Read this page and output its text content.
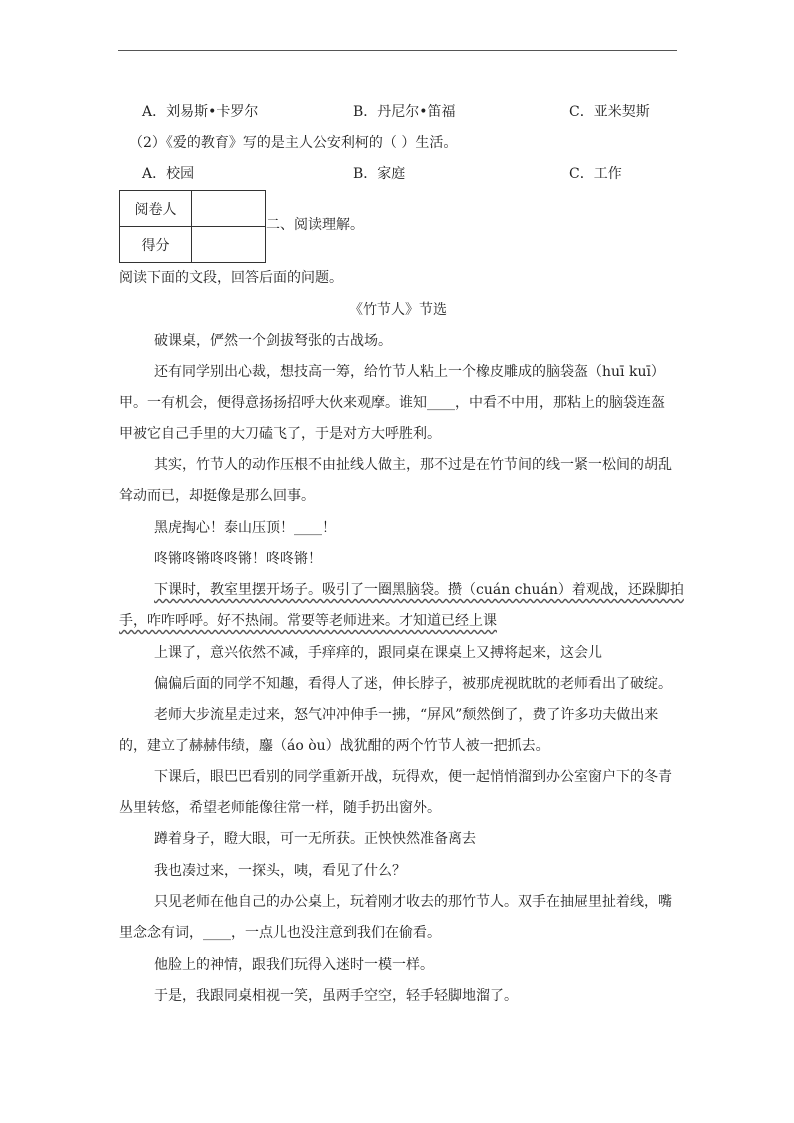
A．刘易斯•卡罗尔	B．丹尼尔•笛福	C．亚米契斯
（2）《爱的教育》写的是主人公安利柯的（ ）生活。
A．校园	B．家庭	C．工作
阅卷人	
得分	
二、阅读理解。
阅读下面的文段，回答后面的问题。
《竹节人》节选
破课桌，俨然一个剑拔弩张的古战场。
还有同学别出心裁，想技高一筹，给竹节人粘上一个橡皮雕成的脑袋盔（huī kuī）
甲。一有机会，便得意扬扬招呼大伙来观摩。谁知____，中看不中用，那粘上的脑袋连盔
甲被它自己手里的大刀磕飞了，于是对方大呼胜利。
其实，竹节人的动作压根不由扯线人做主，那不过是在竹节间的线一紧一松间的胡乱
耸动而已，却挺像是那么回事。
黑虎掏心！泰山压顶！____！
咚锵咚锵咚咚锵！咚咚锵！
下课时，教室里摆开场子。吸引了一圈黑脑袋。攒（cuán chuán）着观战，还跺脚拍
手，咋咋呼呼。好不热闹。常要等老师进来。才知道已经上课
上课了，意兴依然不减，手痒痒的，跟同桌在课桌上又搏将起来，这会儿
偏偏后面的同学不知趣，看得人了迷，伸长脖子，被那虎视眈眈的老师看出了破绽。
老师大步流星走过来，怒气冲冲伸手一拂，“屏风”颓然倒了，费了许多功夫做出来
的，建立了赫赫伟绩，鏖（áo òu）战犹酣的两个竹节人被一把抓去。
下课后，眼巴巴看别的同学重新开战，玩得欢，便一起悄悄溜到办公室窗户下的冬青
丛里转悠，希望老师能像往常一样，随手扔出窗外。
蹲着身子，瞪大眼，可一无所获。正怏怏然准备离去
我也凑过来，一探头，咦，看见了什么？
只见老师在他自己的办公桌上，玩着刚才收去的那竹节人。双手在抽屉里扯着线，嘴
里念念有词，____，一点儿也没注意到我们在偷看。
他脸上的神情，跟我们玩得入迷时一模一样。
于是，我跟同桌相视一笑，虽两手空空，轻手轻脚地溜了。
